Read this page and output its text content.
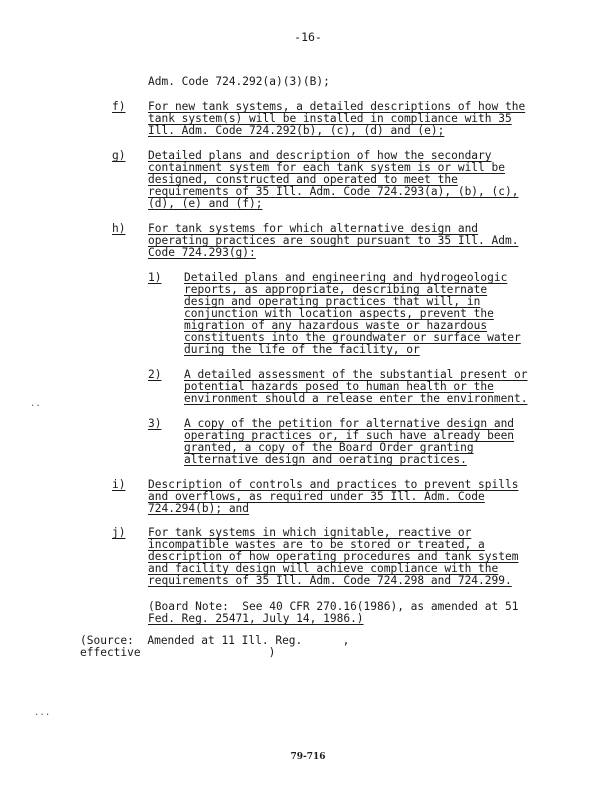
-16-
Adm. Code 724.292(a)(3)(B);
f) For new tank systems, a detailed descriptions of how the
tank system(s) will be installed in compliance with 35
Ill. Adm. Code 724.292(b), (c), (d) and (e);
g) Detailed plans and description of how the secondary
containment system for each tank system is or will be
designed, constructed and operated to meet the
requirements of 35 Ill. Adm. Code 724.293(a), (b), (c),
(d), (e) and (f);
h) For tank systems for which alternative design and
operating practices are sought pursuant to 35 Ill. Adm.
Code 724.293(g):
1) Detailed plans and engineering and hydrogeologic
reports, as appropriate, describing alternate
design and operating practices that will, in
conjunction with location aspects, prevent the
migration of any hazardous waste or hazardous
constituents into the groundwater or surface water
during the life of the facility, or
2) A detailed assessment of the substantial present or
potential hazards posed to human health or the
environment should a release enter the environment.
..
3) A copy of the petition for alternative design and
operating practices or, if such have already been
granted, a copy of the Board Order granting
alternative design and oerating practices.
i) Description of controls and practices to prevent spills
and overflows, as required under 35 Ill. Adm. Code
724.294(b); and
j) For tank systems in which ignitable, reactive or
incompatible wastes are to be stored or treated, a
description of how operating procedures and tank system
and facility design will achieve compliance with the
requirements of 35 Ill. Adm. Code 724.298 and 724.299.
(Board Note:  See 40 CFR 270.16(1986), as amended at 51
Fed. Reg. 25471, July 14, 1986.)
(Source:  Amended at 11 Ill. Reg.      ,
effective                   )
...
79-716
